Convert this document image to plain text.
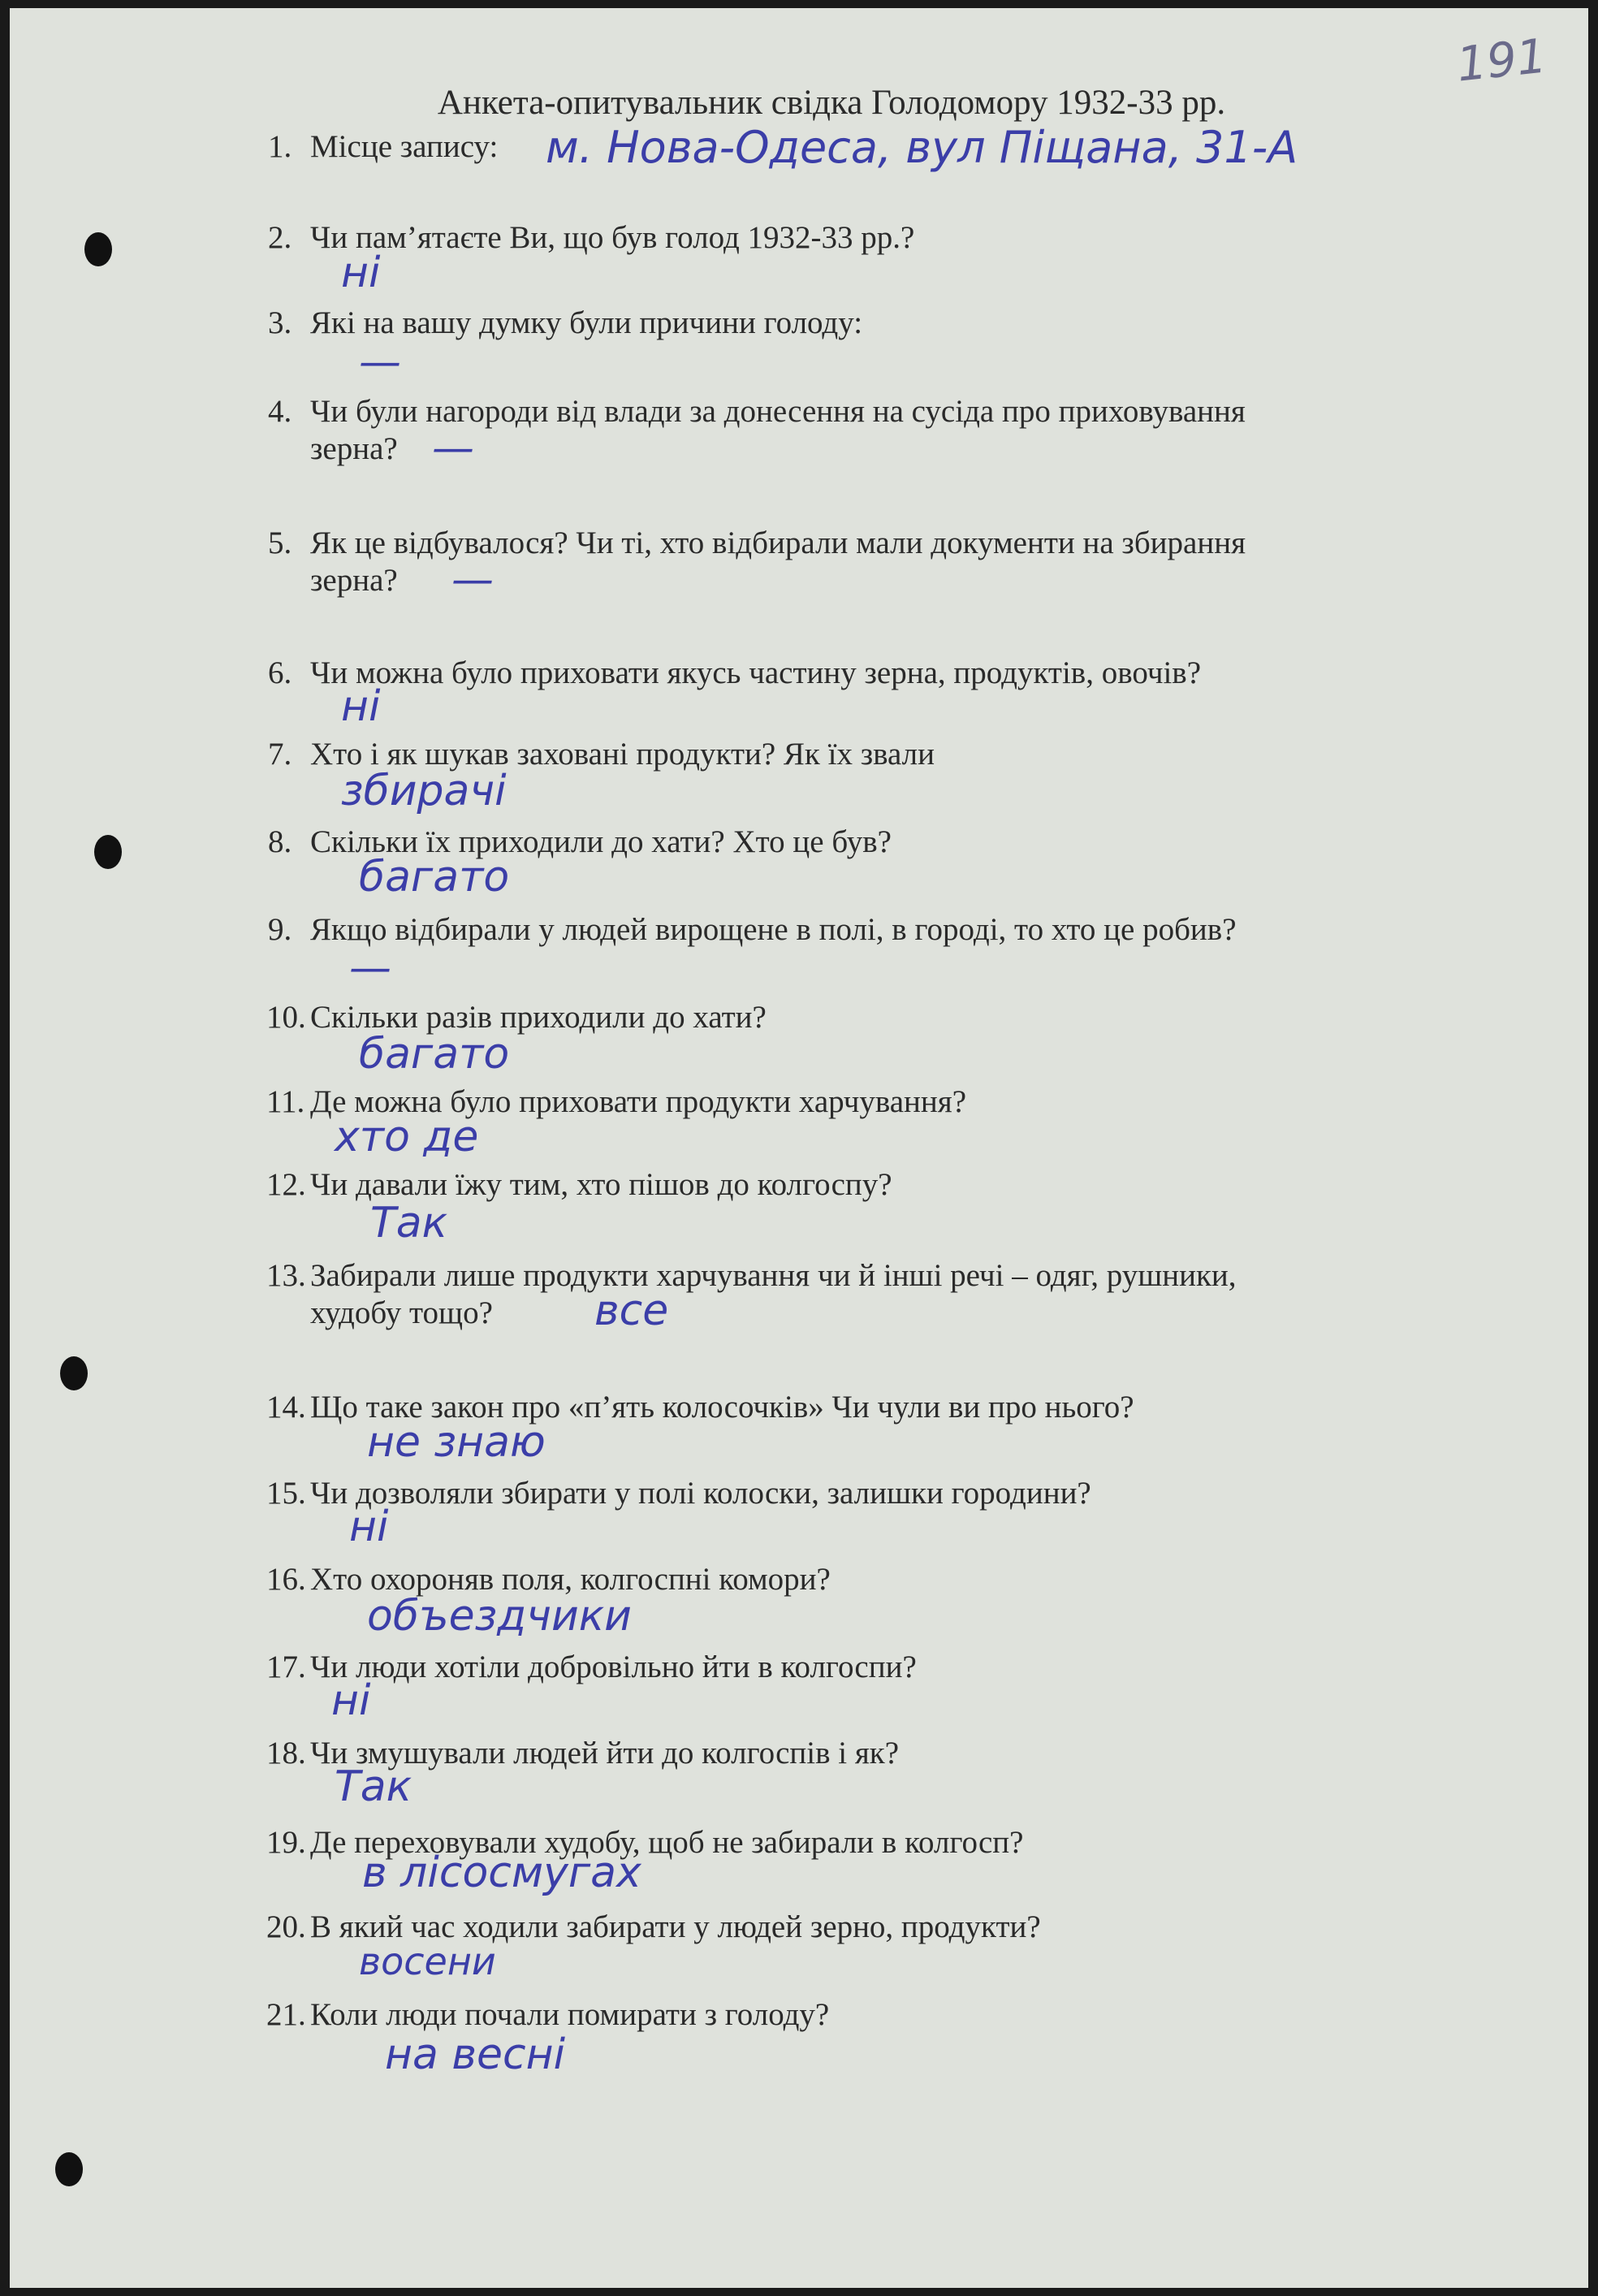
191
Анкета-опитувальник свідка Голодомору 1932-33 рр.
1. Місце запису: м. Нова-Одеса, вул Піщана, 31-А
2. Чи пам’ятаєте Ви, що був голод 1932-33 рр.?
ні
3. Які на вашу думку були причини голоду:
—
4. Чи були нагороди від влади за донесення на сусіда про приховування
зерна? —
5. Як це відбувалося? Чи ті, хто відбирали мали документи на збирання
зерна? —
6. Чи можна було приховати якусь частину зерна, продуктів, овочів?
ні
7. Хто і як шукав заховані продукти? Як їх звали
збирачі
8. Скільки їх приходили до хати? Хто це був?
багато
9. Якщо відбирали у людей вирощене в полі, в городі, то хто це робив?
—
10. Скільки разів приходили до хати?
багато
11. Де можна було приховати продукти харчування?
хто де
12. Чи давали їжу тим, хто пішов до колгоспу?
Так
13. Забирали лише продукти харчування чи й інші речі – одяг, рушники,
худобу тощо? все
14. Що таке закон про «п’ять колосочків» Чи чули ви про нього?
не знаю
15. Чи дозволяли збирати у полі колоски, залишки городини?
ні
16. Хто охороняв поля, колгоспні комори?
объездчики
17. Чи люди хотіли добровільно йти в колгоспи?
ні
18. Чи змушували людей йти до колгоспів і як?
Так
19. Де переховували худобу, щоб не забирали в колгосп?
в лісосмугах
20. В який час ходили забирати у людей зерно, продукти?
восени
21. Коли люди почали помирати з голоду?
на весні
